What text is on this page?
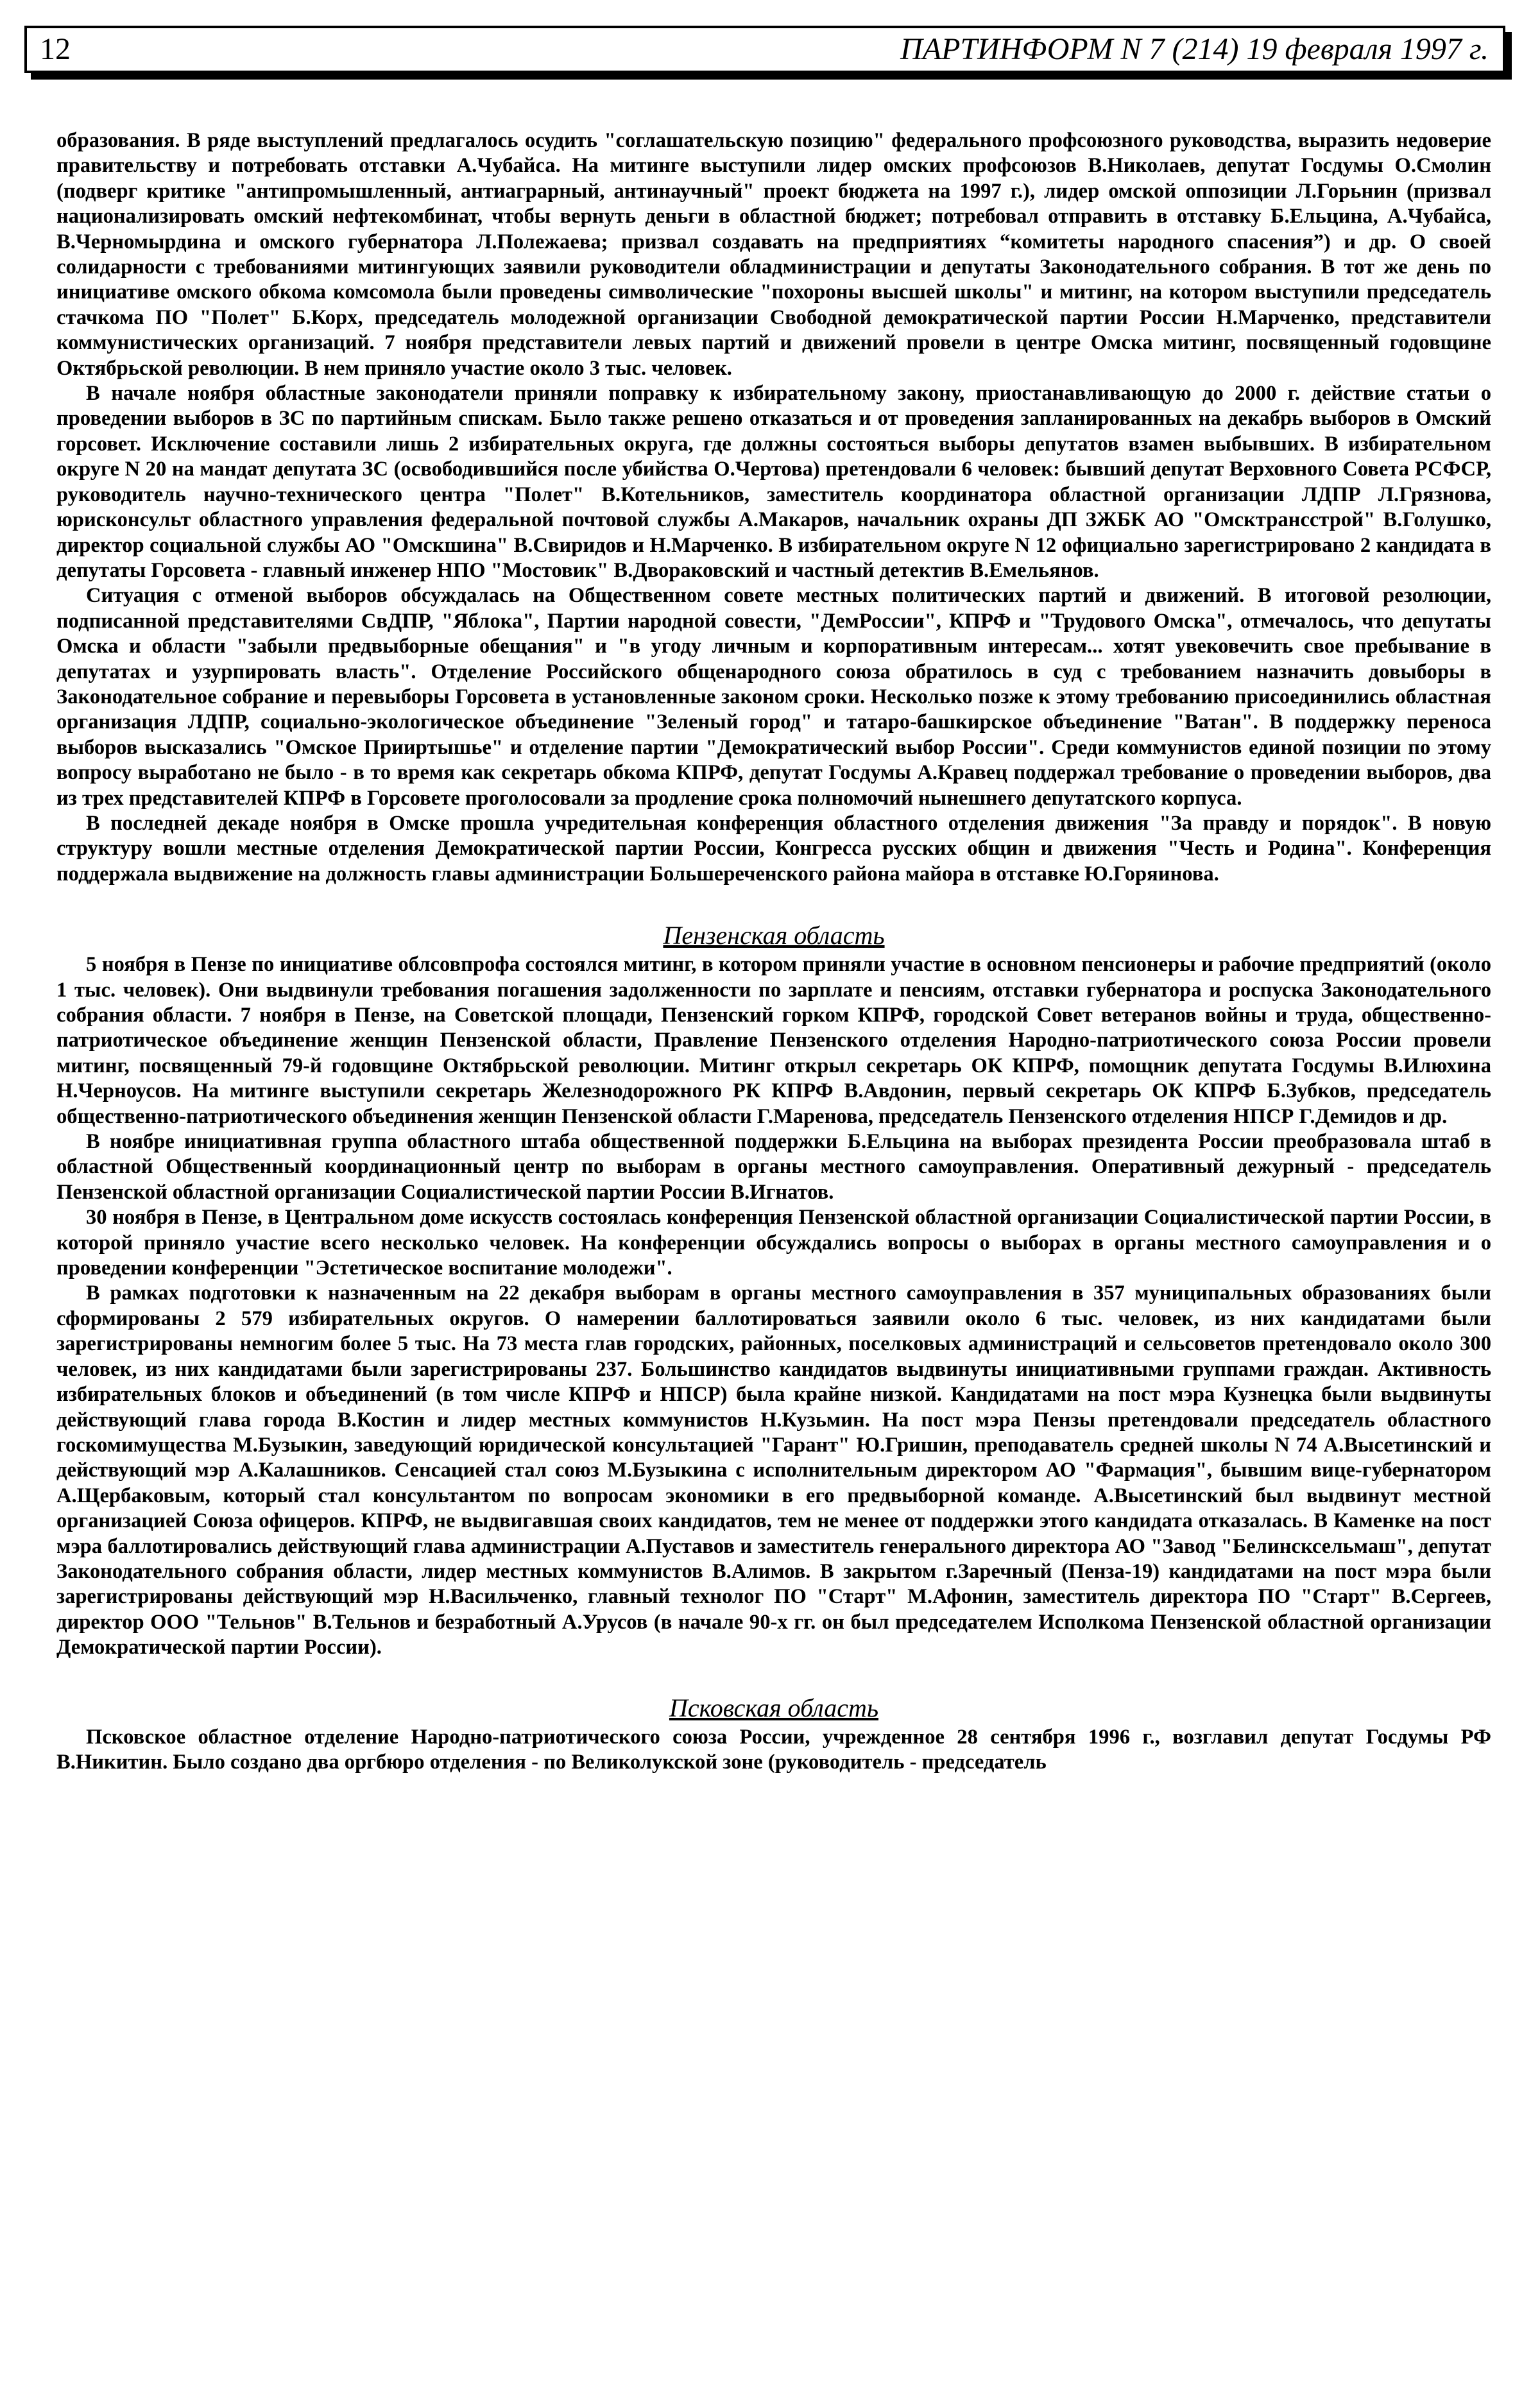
12	ПАРТИНФОРМ N 7 (214) 19 февраля 1997 г.

образования. В ряде выступлений предлагалось осудить "соглашательскую позицию" федерального профсоюзного руководства, выразить недоверие правительству и потребовать отставки А.Чубайса. На митинге выступили лидер омских профсоюзов В.Николаев, депутат Госдумы О.Смолин (подверг критике "антипромышленный, антиаграрный, антинаучный" проект бюджета на 1997 г.), лидер омской оппозиции Л.Горьнин (призвал национализировать омский нефтекомбинат, чтобы вернуть деньги в областной бюджет; потребовал отправить в отставку Б.Ельцина, А.Чубайса, В.Черномырдина и омского губернатора Л.Полежаева; призвал создавать на предприятиях “комитеты народного спасения”) и др. О своей солидарности с требованиями митингующих заявили руководители обладминистрации и депутаты Законодательного собрания. В тот же день по инициативе омского обкома комсомола были проведены символические "похороны высшей школы" и митинг, на котором выступили председатель стачкома ПО "Полет" Б.Корх, председатель молодежной организации Свободной демократической партии России Н.Марченко, представители коммунистических организаций. 7 ноября представители левых партий и движений провели в центре Омска митинг, посвященный годовщине Октябрьской революции. В нем приняло участие около 3 тыс. человек.

В начале ноября областные законодатели приняли поправку к избирательному закону, приостанавливающую до 2000 г. действие статьи о проведении выборов в ЗС по партийным спискам. Было также решено отказаться и от проведения запланированных на декабрь выборов в Омский горсовет. Исключение составили лишь 2 избирательных округа, где должны состояться выборы депутатов взамен выбывших. В избирательном округе N 20 на мандат депутата ЗС (освободившийся после убийства О.Чертова) претендовали 6 человек: бывший депутат Верховного Совета РСФСР, руководитель научно-технического центра "Полет" В.Котельников, заместитель координатора областной организации ЛДПР Л.Грязнова, юрисконсульт областного управления федеральной почтовой службы А.Макаров, начальник охраны ДП ЗЖБК АО "Омсктрансстрой" В.Голушко, директор социальной службы АО "Омскшина" В.Свиридов и Н.Марченко. В избирательном округе N 12 официально зарегистрировано 2 кандидата в депутаты Горсовета - главный инженер НПО "Мостовик" В.Дворaковский и частный детектив В.Емельянов.

Ситуация с отменой выборов обсуждалась на Общественном совете местных политических партий и движений. В итоговой резолюции, подписанной представителями СвДПР, "Яблока", Партии народной совести, "ДемРоссии", КПРФ и "Трудового Омска", отмечалось, что депутаты Омска и области "забыли предвыборные обещания" и "в угоду личным и корпоративным интересам... хотят увековечить свое пребывание в депутатах и узурпировать власть". Отделение Российского общенародного союза обратилось в суд с требованием назначить довыборы в Законодательное собрание и перевыборы Горсовета в установленные законом сроки. Несколько позже к этому требованию присоединились областная организация ЛДПР, социально-экологическое объединение "Зеленый город" и татаро-башкирское объединение "Ватан". В поддержку переноса выборов высказались "Омское Прииртышье" и отделение партии "Демократический выбор России". Среди коммунистов единой позиции по этому вопросу выработано не было - в то время как секретарь обкома КПРФ, депутат Госдумы А.Кравец поддержал требование о проведении выборов, два из трех представителей КПРФ в Горсовете проголосовали за продление срока полномочий нынешнего депутатского корпуса.

В последней декаде ноября в Омске прошла учредительная конференция областного отделения движения "За правду и порядок". В новую структуру вошли местные отделения Демократической партии России, Конгресса русских общин и движения "Честь и Родина". Конференция поддержала выдвижение на должность главы администрации Большереченского района майора в отставке Ю.Горяинова.

Пензенская область

5 ноября в Пензе по инициативе облсовпрофа состоялся митинг, в котором приняли участие в основном пенсионеры и рабочие предприятий (около 1 тыс. человек). Они выдвинули требования погашения задолженности по зарплате и пенсиям, отставки губернатора и роспуска Законодательного собрания области. 7 ноября в Пензе, на Советской площади, Пензенский горком КПРФ, городской Совет ветеранов войны и труда, общественно-патриотическое объединение женщин Пензенской области, Правление Пензенского отделения Народно-патриотического союза России провели митинг, посвященный 79-й годовщине Октябрьской революции. Митинг открыл секретарь ОК КПРФ, помощник депутата Госдумы В.Илюхина Н.Черноусов. На митинге выступили секретарь Железнодорожного РК КПРФ В.Авдонин, первый секретарь ОК КПРФ Б.Зубков, председатель общественно-патриотического объединения женщин Пензенской области Г.Маренова, председатель Пензенского отделения НПСР Г.Демидов и др.

В ноябре инициативная группа областного штаба общественной поддержки Б.Ельцина на выборах президента России преобразовала штаб в областной Общественный координационный центр по выборам в органы местного самоуправления. Оперативный дежурный - председатель Пензенской областной организации Социалистической партии России В.Игнатов.

30 ноября в Пензе, в Центральном доме искусств состоялась конференция Пензенской областной организации Социалистической партии России, в которой приняло участие всего несколько человек. На конференции обсуждались вопросы о выборах в органы местного самоуправления и о проведении конференции "Эстетическое воспитание молодежи".

В рамках подготовки к назначенным на 22 декабря выборам в органы местного самоуправления в 357 муниципальных образованиях были сформированы 2 579 избирательных округов. О намерении баллотироваться заявили около 6 тыс. человек, из них кандидатами были зарегистрированы немногим более 5 тыс. На 73 места глав городских, районных, поселковых администраций и сельсоветов претендовало около 300 человек, из них кандидатами были зарегистрированы 237. Большинство кандидатов выдвинуты инициативными группами граждан. Активность избирательных блоков и объединений (в том числе КПРФ и НПСР) была крайне низкой. Кандидатами на пост мэра Кузнецка были выдвинуты действующий глава города В.Костин и лидер местных коммунистов Н.Кузьмин. На пост мэра Пензы претендовали председатель областного госкомимущества М.Бузыкин, заведующий юридической консультацией "Гарант" Ю.Гришин, преподаватель средней школы N 74 А.Высетинский и действующий мэр А.Калашников. Сенсацией стал союз М.Бузыкина с исполнительным директором АО "Фармация", бывшим вице-губернатором А.Щербаковым, который стал консультантом по вопросам экономики в его предвыборной команде. А.Высетинский был выдвинут местной организацией Союза офицеров. КПРФ, не выдвигавшая своих кандидатов, тем не менее от поддержки этого кандидата отказалась. В Каменке на пост мэра баллотировались действующий глава администрации А.Пуставов и заместитель генерального директора АО "Завод "Белинсксельмаш", депутат Законодательного собрания области, лидер местных коммунистов В.Алимов. В закрытом г.Заречный (Пенза-19) кандидатами на пост мэра были зарегистрированы действующий мэр Н.Васильченко, главный технолог ПО "Старт" М.Афонин, заместитель директора ПО "Старт" В.Сергеев, директор ООО "Тельнов" В.Тельнов и безработный А.Урусов (в начале 90-х гг. он был председателем Исполкома Пензенской областной организации Демократической партии России).

Псковская область

Псковское областное отделение Народно-патриотического союза России, учрежденное 28 сентября 1996 г., возглавил депутат Госдумы РФ В.Никитин. Было создано два оргбюро отделения - по Великолукской зоне (руководитель - председатель
